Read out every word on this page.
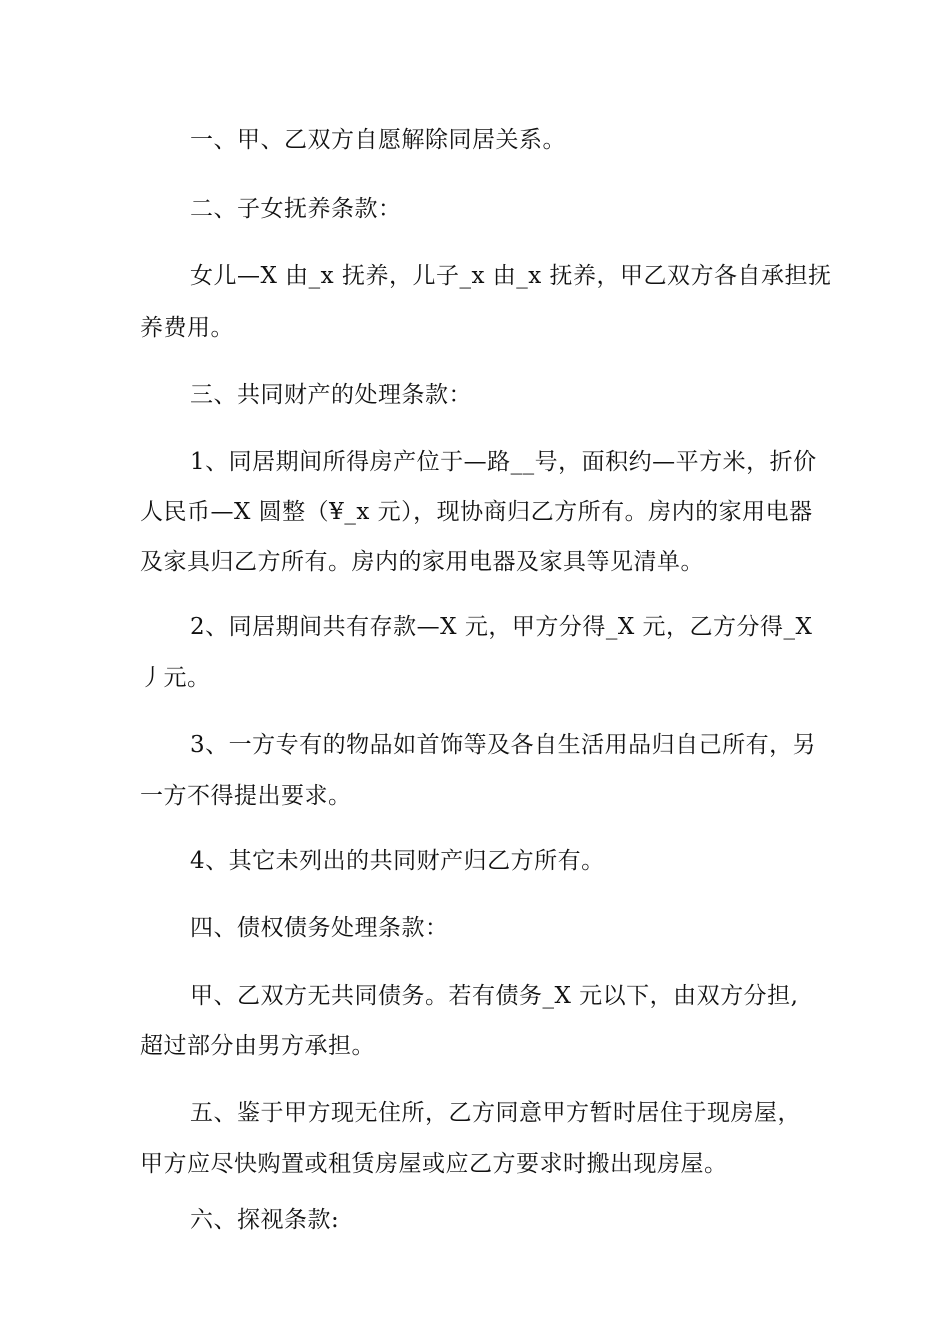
一、甲、乙双方自愿解除同居关系。
二、子女抚养条款：
女儿—X 由_x 抚养，儿子_x 由_x 抚养，甲乙双方各自承担抚
养费用。
三、共同财产的处理条款：
1、同居期间所得房产位于—路__号，面积约—平方米，折价
人民币—X 圆整（¥_x 元），现协商归乙方所有。房内的家用电器
及家具归乙方所有。房内的家用电器及家具等见清单。
2、同居期间共有存款—X 元，甲方分得_X 元，乙方分得_X
丿元。
3、一方专有的物品如首饰等及各自生活用品归自己所有，另
一方不得提出要求。
4、其它未列出的共同财产归乙方所有。
四、债权债务处理条款：
甲、乙双方无共同债务。若有债务_X 元以下，由双方分担,
超过部分由男方承担。
五、鉴于甲方现无住所，乙方同意甲方暂时居住于现房屋，
甲方应尽快购置或租赁房屋或应乙方要求时搬出现房屋。
六、探视条款:
